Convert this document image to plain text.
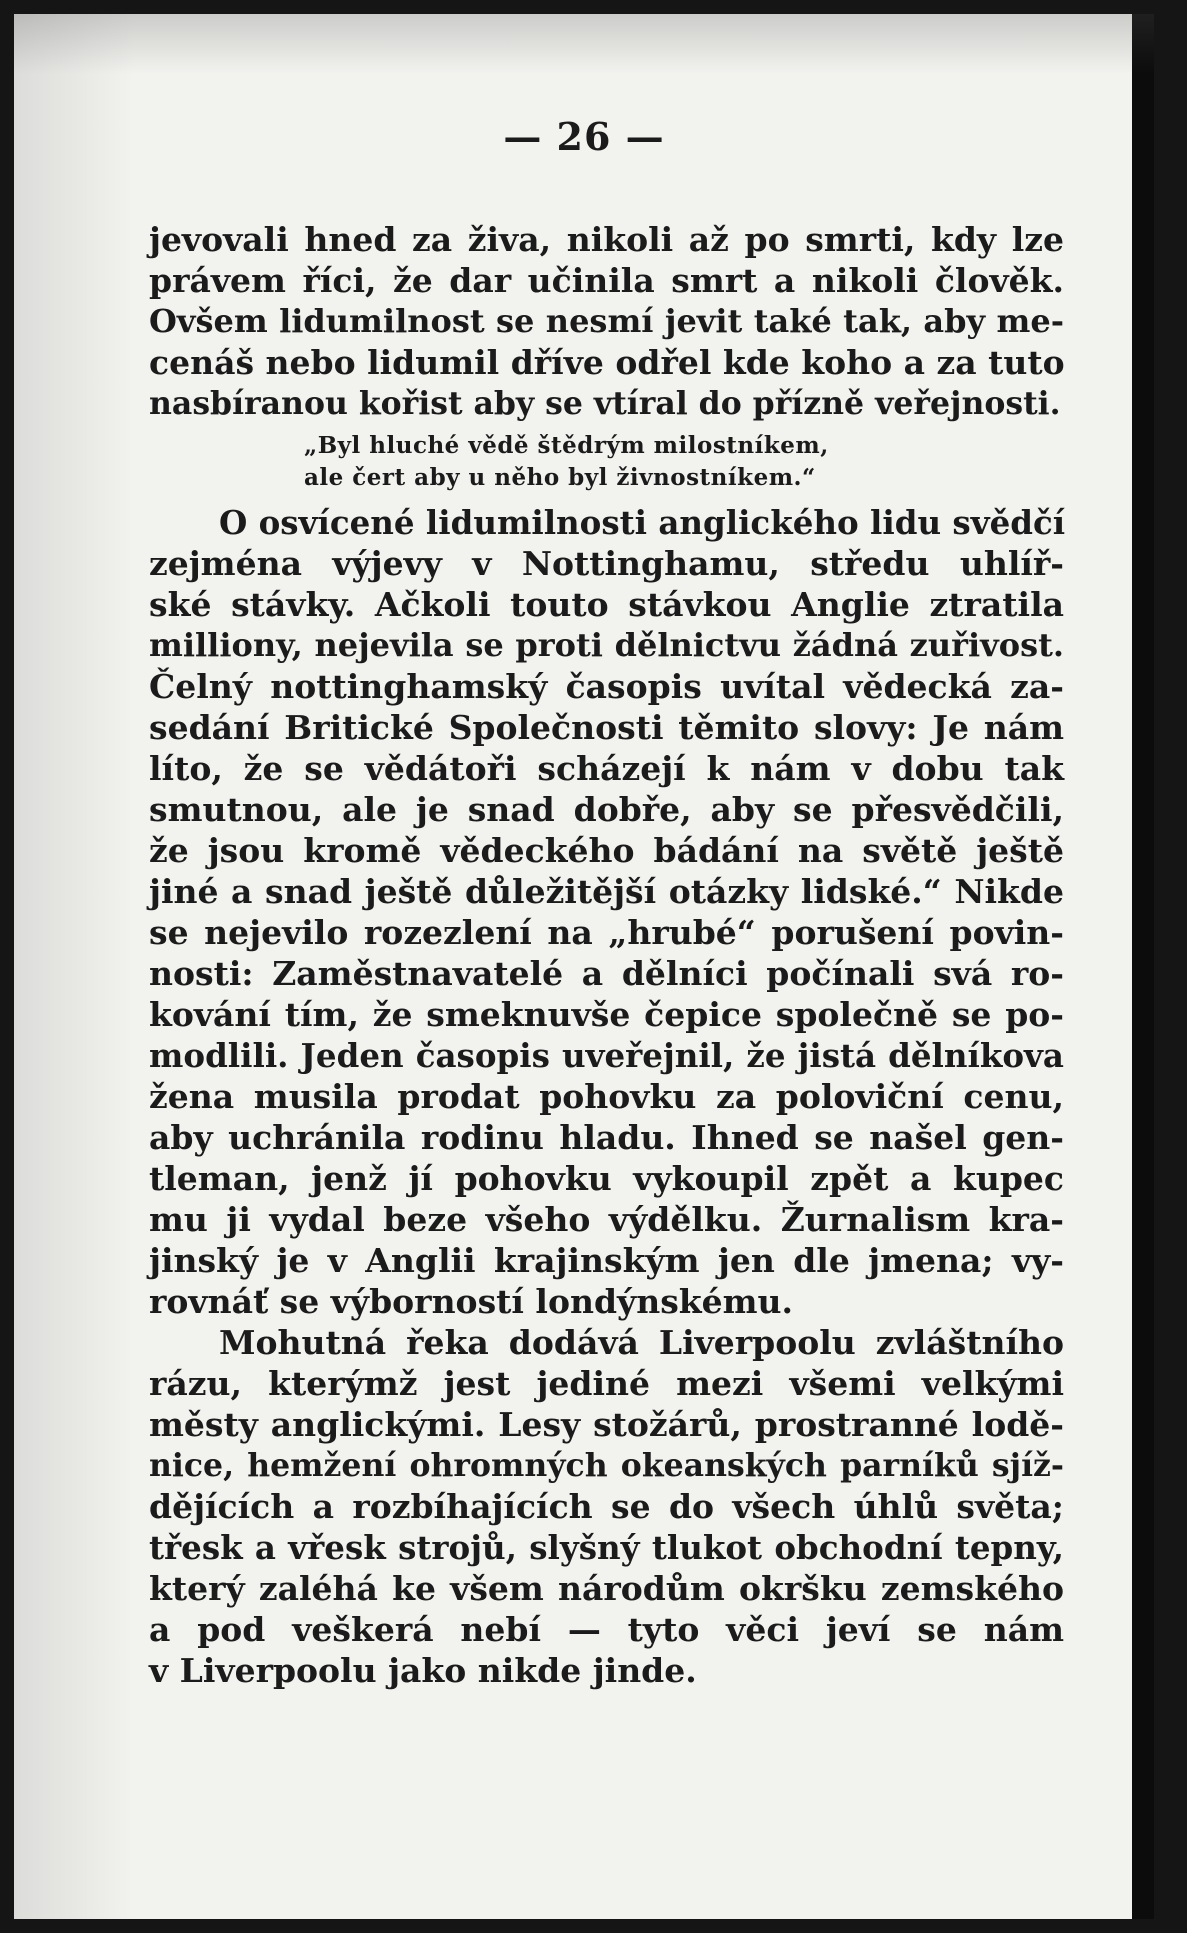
— 26 —
jevovali hned za živa, nikoli až po smrti, kdy lze
právem říci, že dar učinila smrt a nikoli člověk.
Ovšem lidumilnost se nesmí jevit také tak, aby me-
cenáš nebo lidumil dříve odřel kde koho a za tuto
nasbíranou kořist aby se vtíral do přízně veřejnosti.
„Byl hluché vědě štědrým milostníkem,
ale čert aby u něho byl živnostníkem.“
O osvícené lidumilnosti anglického lidu svědčí
zejména výjevy v Nottinghamu, středu uhlíř-
ské stávky. Ačkoli touto stávkou Anglie ztratila
milliony, nejevila se proti dělnictvu žádná zuřivost.
Čelný nottinghamský časopis uvítal vědecká za-
sedání Britické Společnosti těmito slovy: Je nám
líto, že se vědátoři scházejí k nám v dobu tak
smutnou, ale je snad dobře, aby se přesvědčili,
že jsou kromě vědeckého bádání na světě ještě
jiné a snad ještě důležitější otázky lidské.“ Nikde
se nejevilo rozezlení na „hrubé“ porušení povin-
nosti: Zaměstnavatelé a dělníci počínali svá ro-
kování tím, že smeknuvše čepice společně se po-
modlili. Jeden časopis uveřejnil, že jistá dělníkova
žena musila prodat pohovku za poloviční cenu,
aby uchránila rodinu hladu. Ihned se našel gen-
tleman, jenž jí pohovku vykoupil zpět a kupec
mu ji vydal beze všeho výdělku. Žurnalism kra-
jinský je v Anglii krajinským jen dle jmena; vy-
rovnáť se výborností londýnskému.
Mohutná řeka dodává Liverpoolu zvláštního
rázu, kterýmž jest jediné mezi všemi velkými
městy anglickými. Lesy stožárů, prostranné lodě-
nice, hemžení ohromných okeanských parníků sjíž-
dějících a rozbíhajících se do všech úhlů světa;
třesk a vřesk strojů, slyšný tlukot obchodní tepny,
který zaléhá ke všem národům okršku zemského
a pod veškerá nebí — tyto věci jeví se nám
v Liverpoolu jako nikde jinde.
